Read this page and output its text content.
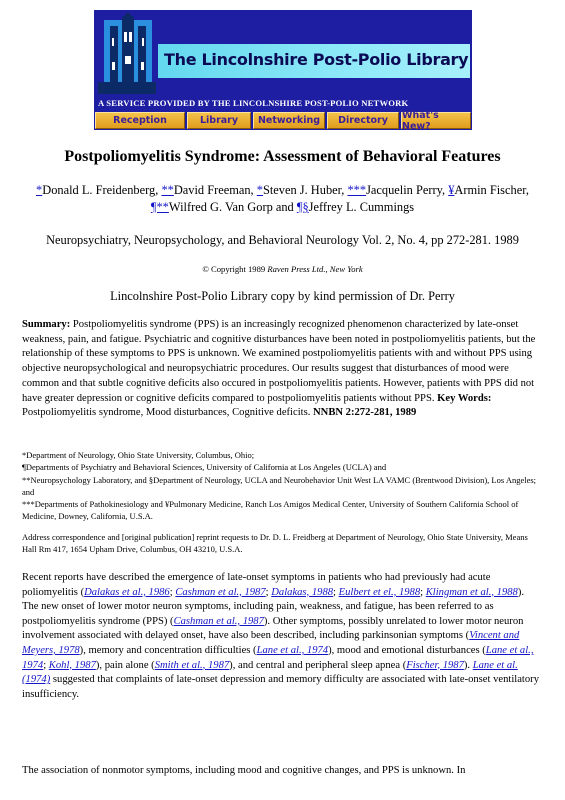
The Lincolnshire Post-Polio Library
A SERVICE PROVIDED BY THE LINCOLNSHIRE POST-POLIO NETWORK
Reception	Library	Networking	Directory	What's New?
Postpoliomyelitis Syndrome: Assessment of Behavioral Features
*Donald L. Freidenberg, **David Freeman, *Steven J. Huber, ***Jacquelin Perry, ¥Armin Fischer, ¶**Wilfred G. Van Gorp and ¶§Jeffrey L. Cummings
Neuropsychiatry, Neuropsychology, and Behavioral Neurology Vol. 2, No. 4, pp 272-281. 1989
© Copyright 1989 Raven Press Ltd., New York
Lincolnshire Post-Polio Library copy by kind permission of Dr. Perry
Summary: Postpoliomyelitis syndrome (PPS) is an increasingly recognized phenomenon characterized by late-onset weakness, pain, and fatigue. Psychiatric and cognitive disturbances have been noted in postpoliomyelitis patients, but the relationship of these symptoms to PPS is unknown. We examined postpoliomyelitis patients with and without PPS using objective neuropsychological and neuropsychiatric procedures. Our results suggest that disturbances of mood were common and that subtle cognitive deficits also occured in postpoliomyelitis patients. However, patients with PPS did not have greater depression or cognitive deficits compared to postpoliomyelitis patients without PPS. Key Words: Postpoliomyelitis syndrome, Mood disturbances, Cognitive deficits. NNBN 2:272-281, 1989
*Department of Neurology, Ohio State University, Columbus, Ohio;
¶Departments of Psychiatry and Behavioral Sciences, University of California at Los Angeles (UCLA) and
**Neuropsychology Laboratory, and §Department of Neurology, UCLA and Neurobehavior Unit West LA VAMC (Brentwood Division), Los Angeles; and
***Departments of Pathokinesiology and ¥Pulmonary Medicine, Ranch Los Amigos Medical Center, University of Southern California School of Medicine, Downey, California, U.S.A.
Address correspondence and [original publication] reprint requests to Dr. D. L. Freidberg at Department of Neurology, Ohio State University, Means Hall Rm 417, 1654 Upham Drive, Columbus, OH 43210, U.S.A.
Recent reports have described the emergence of late-onset symptoms in patients who had previously had acute poliomyelitis (Dalakas et al., 1986; Cashman et al., 1987; Dalakas, 1988; Eulbert et el., 1988; Klingman et al., 1988). The new onset of lower motor neuron symptoms, including pain, weakness, and fatigue, has been referred to as postpoliomyelitis syndrome (PPS) (Cashman et al., 1987). Other symptoms, possibly unrelated to lower motor neuron involvement associated with delayed onset, have also been described, including parkinsonian symptoms (Vincent and Meyers, 1978), memory and concentration difficulties (Lane et al., 1974), mood and emotional disturbances (Lane et al., 1974; Kohl, 1987), pain alone (Smith et al., 1987), and central and peripheral sleep apnea (Fischer, 1987). Lane et al. (1974) suggested that complaints of late-onset depression and memory difficulty are associated with late-onset ventilatory insufficiency.
The association of nonmotor symptoms, including mood and cognitive changes, and PPS is unknown. In
